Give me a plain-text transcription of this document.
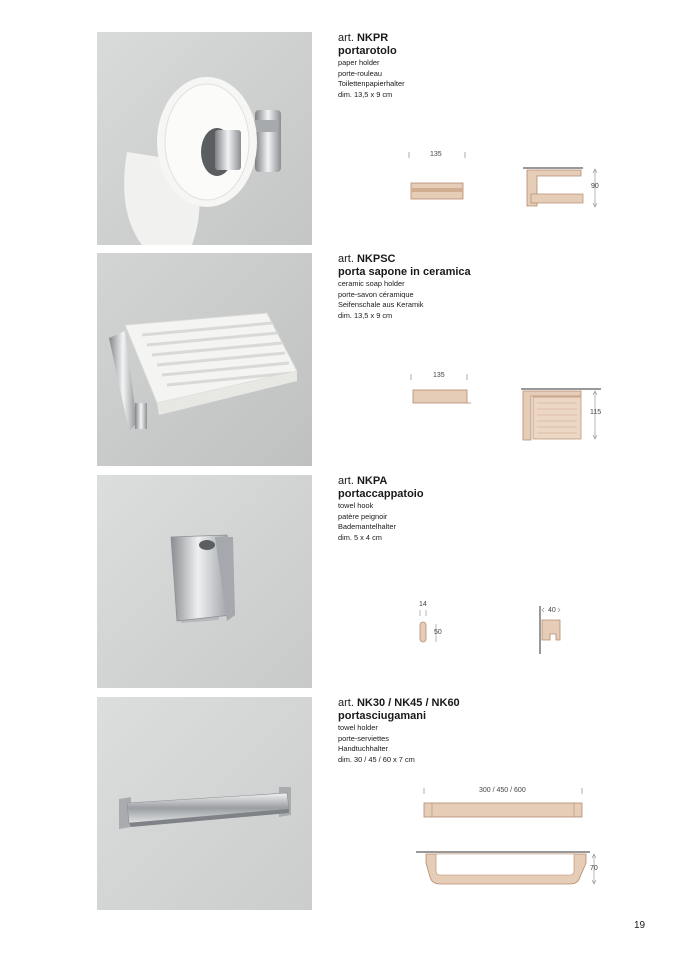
art. NKPR
portarotolo
paper holder
porte-rouleau
Toilettenpapierhalter
dim. 13,5 x 9 cm
135
90
art. NKPSC
porta sapone in ceramica
ceramic soap holder
porte-savon céramique
Seifenschale aus Keramik
dim. 13,5 x 9 cm
135
115
art. NKPA
portaccappatoio
towel hook
patère peignoir
Bademantelhalter
dim. 5 x 4 cm
14
50
40
art. NK30 / NK45 / NK60
portasciugamani
towel holder
porte-serviettes
Handtuchhalter
dim. 30 / 45 / 60 x 7 cm
300 / 450 / 600
70
19
